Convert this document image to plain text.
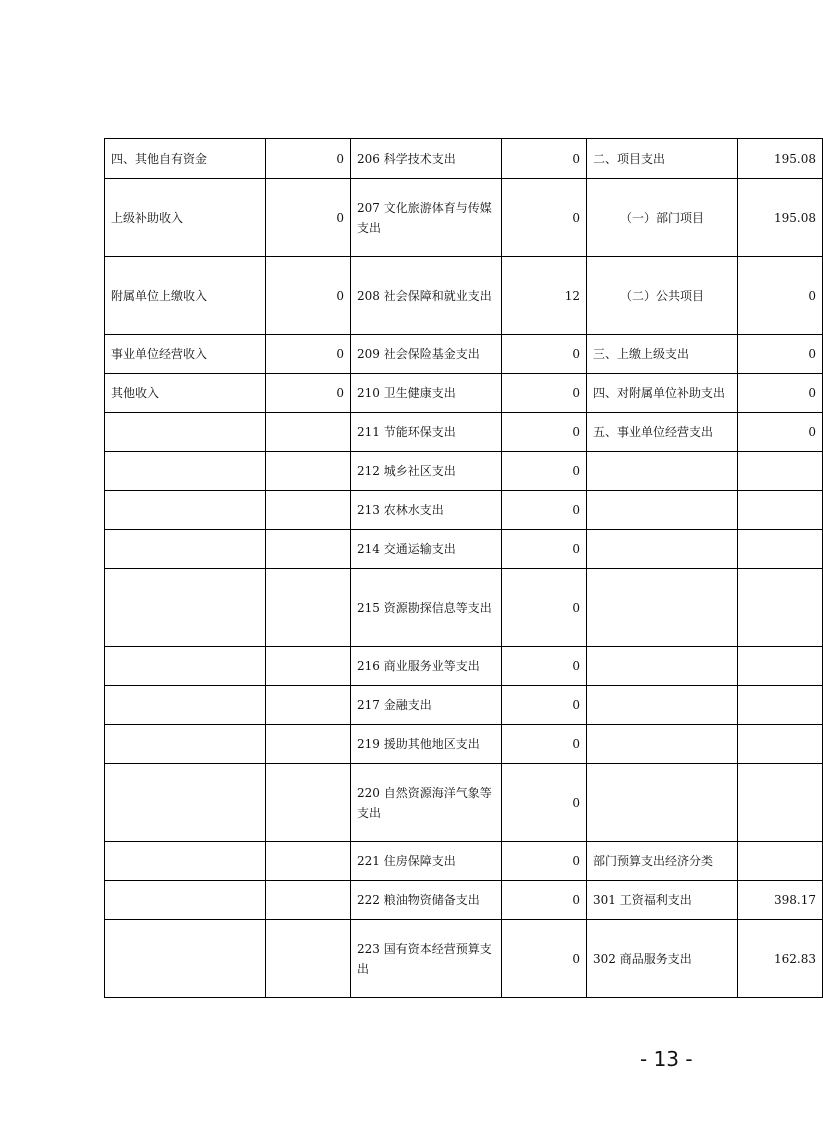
四、其他自有资金	0	206 科学技术支出	0	二、项目支出	195.08
上级补助收入	0	207 文化旅游体育与传媒支出	0	（一）部门项目	195.08
附属单位上缴收入	0	208 社会保障和就业支出	12	（二）公共项目	0
事业单位经营收入	0	209 社会保险基金支出	0	三、上缴上级支出	0
其他收入	0	210 卫生健康支出	0	四、对附属单位补助支出	0
		211 节能环保支出	0	五、事业单位经营支出	0
		212 城乡社区支出	0		
		213 农林水支出	0		
		214 交通运输支出	0		
		215 资源勘探信息等支出	0		
		216 商业服务业等支出	0		
		217 金融支出	0		
		219 援助其他地区支出	0		
		220 自然资源海洋气象等支出	0		
		221 住房保障支出	0	部门预算支出经济分类	
		222 粮油物资储备支出	0	301 工资福利支出	398.17
		223 国有资本经营预算支出	0	302 商品服务支出	162.83
- 13 -
